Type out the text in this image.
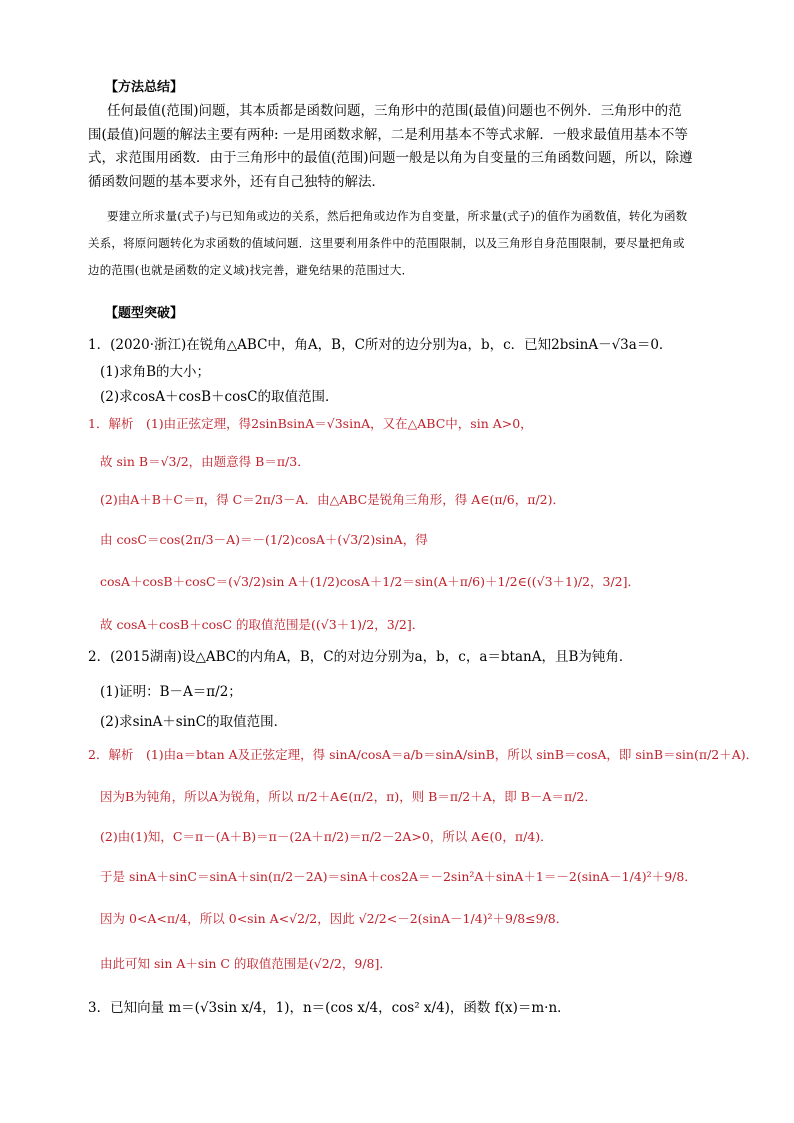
【方法总结】
任何最值(范围)问题，其本质都是函数问题，三角形中的范围(最值)问题也不例外．三角形中的范围(最值)问题的解法主要有两种: 一是用函数求解，二是利用基本不等式求解．一般求最值用基本不等式，求范围用函数．由于三角形中的最值(范围)问题一般是以角为自变量的三角函数问题，所以，除遵循函数问题的基本要求外，还有自己独特的解法．
要建立所求量(式子)与已知角或边的关系，然后把角或边作为自变量，所求量(式子)的值作为函数值，转化为函数关系，将原问题转化为求函数的值域问题．这里要利用条件中的范围限制，以及三角形自身范围限制，要尽量把角或边的范围(也就是函数的定义域)找完善，避免结果的范围过大．
【题型突破】
1．(2020·浙江)在锐角△ABC中，角A，B，C所对的边分别为a，b，c．已知2bsinA－√3a＝0．
(1)求角B的大小；
(2)求cosA＋cosB＋cosC的取值范围．
1．解析　(1)由正弦定理，得2sinBsinA＝√3sinA，又在△ABC中，sin A>0，
故 sin B＝√3/2，由题意得 B＝π/3．
(2)由A＋B＋C＝π，得 C＝2π/3－A．由△ABC是锐角三角形，得 A∈(π/6，π/2)．
由 cosC＝cos(2π/3－A)＝－(1/2)cosA＋(√3/2)sinA，得
cosA＋cosB＋cosC＝(√3/2)sin A＋(1/2)cosA＋1/2＝sin(A＋π/6)＋1/2∈((√3＋1)/2，3/2]．
故 cosA＋cosB＋cosC 的取值范围是((√3＋1)/2，3/2]．
2．(2015湖南)设△ABC的内角A，B，C的对边分别为a，b，c，a＝btanA，且B为钝角．
(1)证明：B－A＝π/2；
(2)求sinA＋sinC的取值范围．
2．解析　(1)由a＝btan A及正弦定理，得 sinA/cosA＝a/b＝sinA/sinB，所以 sinB＝cosA，即 sinB＝sin(π/2＋A)．
因为B为钝角，所以A为锐角，所以 π/2＋A∈(π/2，π)，则 B＝π/2＋A，即 B－A＝π/2．
(2)由(1)知，C＝π－(A＋B)＝π－(2A＋π/2)＝π/2－2A>0，所以 A∈(0，π/4)．
于是 sinA＋sinC＝sinA＋sin(π/2－2A)＝sinA＋cos2A＝－2sin²A＋sinA＋1＝－2(sinA－1/4)²＋9/8．
因为 0<A<π/4，所以 0<sin A<√2/2，因此 √2/2<－2(sinA－1/4)²＋9/8≤9/8．
由此可知 sin A＋sin C 的取值范围是(√2/2，9/8]．
3．已知向量 m＝(√3sin x/4，1)，n＝(cos x/4，cos² x/4)，函数 f(x)＝m·n．
